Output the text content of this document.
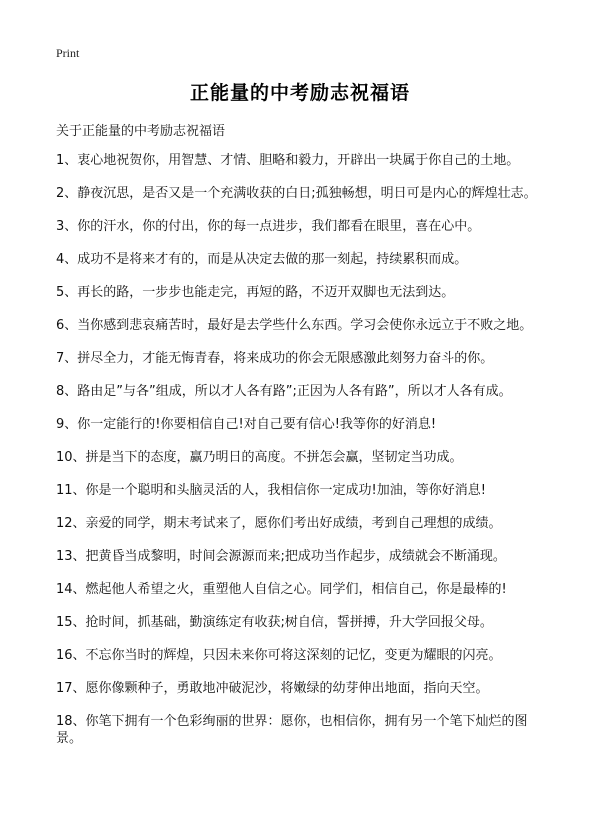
Print
正能量的中考励志祝福语
关于正能量的中考励志祝福语
1、衷心地祝贺你，用智慧、才情、胆略和毅力，开辟出一块属于你自己的土地。
2、静夜沉思，是否又是一个充满收获的白日;孤独畅想，明日可是内心的辉煌壮志。
3、你的汗水，你的付出，你的每一点进步，我们都看在眼里，喜在心中。
4、成功不是将来才有的，而是从决定去做的那一刻起，持续累积而成。
5、再长的路，一步步也能走完，再短的路，不迈开双脚也无法到达。
6、当你感到悲哀痛苦时，最好是去学些什么东西。学习会使你永远立于不败之地。
7、拼尽全力，才能无悔青春，将来成功的你会无限感激此刻努力奋斗的你。
8、路由足”与各”组成，所以才人各有路”;正因为人各有路”，所以才人各有成。
9、你一定能行的!你要相信自己!对自己要有信心!我等你的好消息!
10、拼是当下的态度，赢乃明日的高度。不拼怎会赢，坚韧定当功成。
11、你是一个聪明和头脑灵活的人，我相信你一定成功!加油，等你好消息!
12、亲爱的同学，期末考试来了，愿你们考出好成绩，考到自己理想的成绩。
13、把黄昏当成黎明，时间会源源而来;把成功当作起步，成绩就会不断涌现。
14、燃起他人希望之火，重塑他人自信之心。同学们，相信自己，你是最棒的!
15、抢时间，抓基础，勤演练定有收获;树自信，誓拼搏，升大学回报父母。
16、不忘你当时的辉煌，只因未来你可将这深刻的记忆，变更为耀眼的闪亮。
17、愿你像颗种子，勇敢地冲破泥沙，将嫩绿的幼芽伸出地面，指向天空。
18、你笔下拥有一个色彩绚丽的世界：愿你，也相信你，拥有另一个笔下灿烂的图景。
